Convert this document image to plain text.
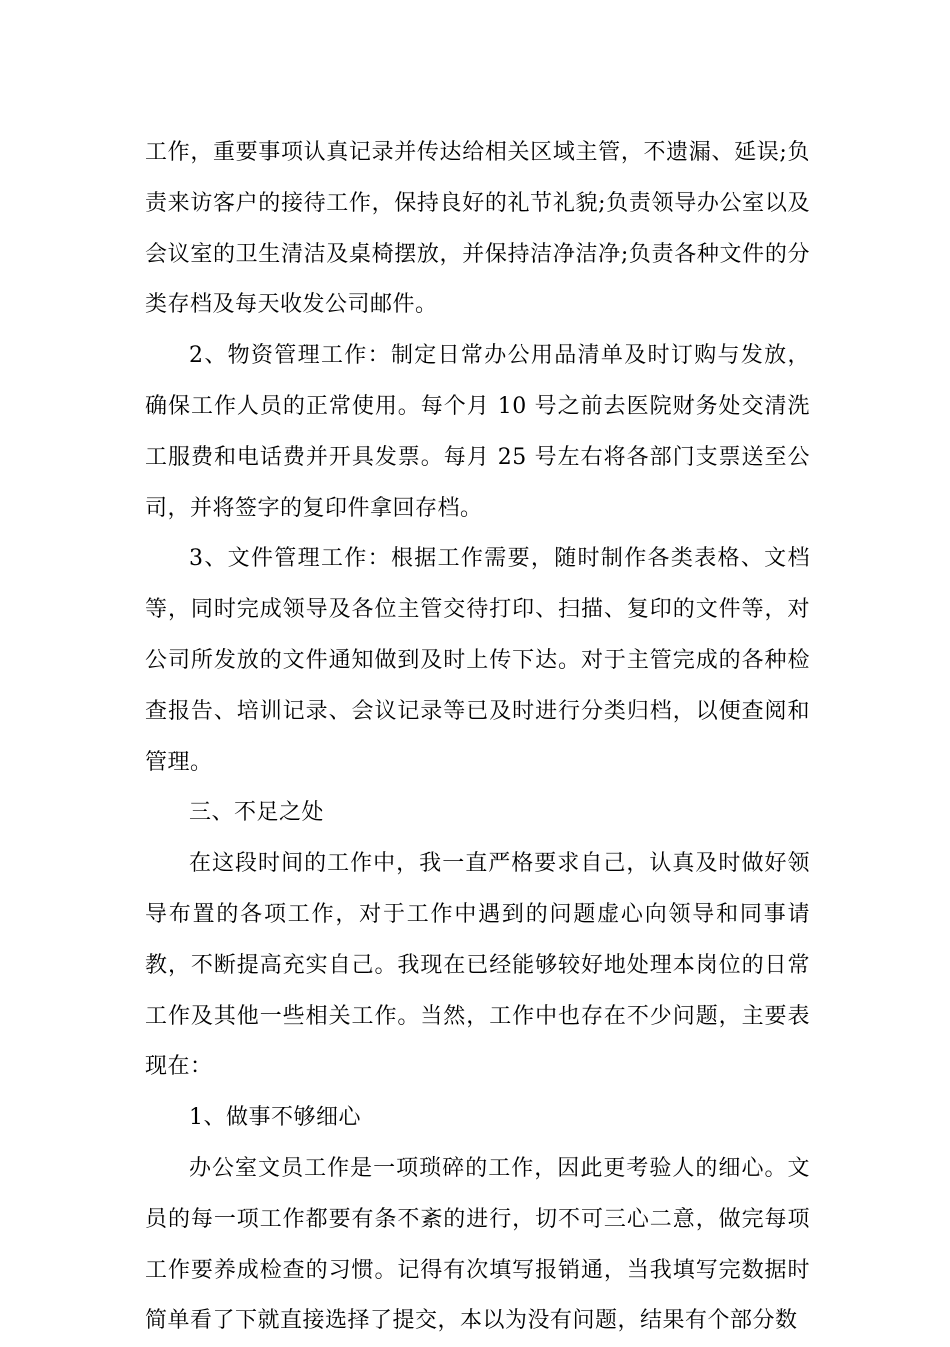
工作，重要事项认真记录并传达给相关区域主管，不遗漏、延误;负责来访客户的接待工作，保持良好的礼节礼貌;负责领导办公室以及会议室的卫生清洁及桌椅摆放，并保持洁净洁净;负责各种文件的分类存档及每天收发公司邮件。

2、物资管理工作：制定日常办公用品清单及时订购与发放，确保工作人员的正常使用。每个月 10 号之前去医院财务处交清洗工服费和电话费并开具发票。每月 25 号左右将各部门支票送至公司，并将签字的复印件拿回存档。

3、文件管理工作：根据工作需要，随时制作各类表格、文档等，同时完成领导及各位主管交待打印、扫描、复印的文件等，对公司所发放的文件通知做到及时上传下达。对于主管完成的各种检查报告、培训记录、会议记录等已及时进行分类归档，以便查阅和管理。

三、不足之处

在这段时间的工作中，我一直严格要求自己，认真及时做好领导布置的各项工作，对于工作中遇到的问题虚心向领导和同事请教，不断提高充实自己。我现在已经能够较好地处理本岗位的日常工作及其他一些相关工作。当然，工作中也存在不少问题，主要表现在：

1、做事不够细心

办公室文员工作是一项琐碎的工作，因此更考验人的细心。文员的每一项工作都要有条不紊的进行，切不可三心二意，做完每项工作要养成检查的习惯。记得有次填写报销通，当我填写完数据时简单看了下就直接选择了提交，本以为没有问题，结果有个部分数
